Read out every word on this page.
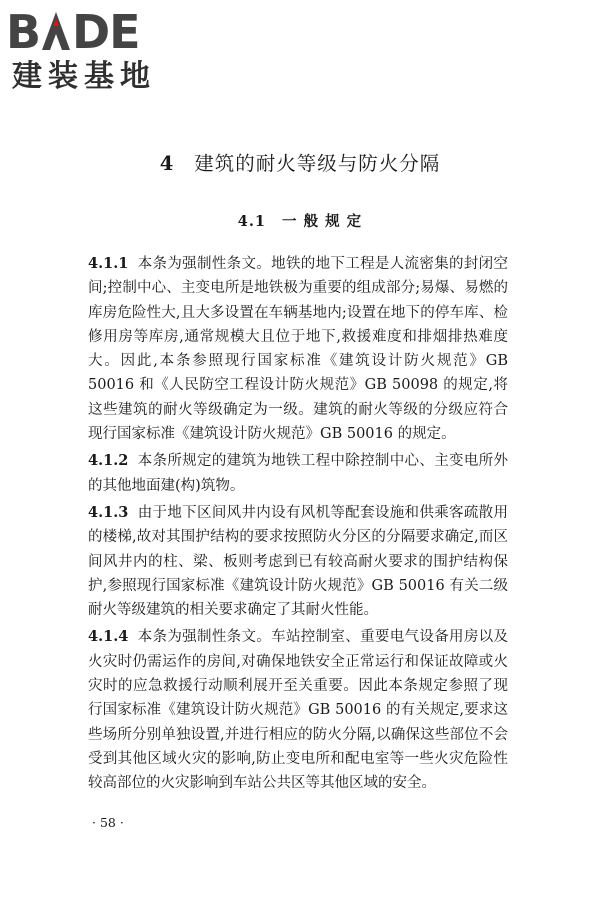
B DE
建装基地
4 建筑的耐火等级与防火分隔
4.1 一 般 规 定

4.1.1 本条为强制性条文。地铁的地下工程是人流密集的封闭空间;控制中心、主变电所是地铁极为重要的组成部分;易爆、易燃的库房危险性大,且大多设置在车辆基地内;设置在地下的停车库、检修用房等库房,通常规模大且位于地下,救援难度和排烟排热难度大。因此,本条参照现行国家标准《建筑设计防火规范》GB 50016 和《人民防空工程设计防火规范》GB 50098 的规定,将这些建筑的耐火等级确定为一级。建筑的耐火等级的分级应符合现行国家标准《建筑设计防火规范》GB 50016 的规定。

4.1.2 本条所规定的建筑为地铁工程中除控制中心、主变电所外的其他地面建(构)筑物。

4.1.3 由于地下区间风井内设有风机等配套设施和供乘客疏散用的楼梯,故对其围护结构的要求按照防火分区的分隔要求确定,而区间风井内的柱、梁、板则考虑到已有较高耐火要求的围护结构保护,参照现行国家标准《建筑设计防火规范》GB 50016 有关二级耐火等级建筑的相关要求确定了其耐火性能。

4.1.4 本条为强制性条文。车站控制室、重要电气设备用房以及火灾时仍需运作的房间,对确保地铁安全正常运行和保证故障或火灾时的应急救援行动顺利展开至关重要。因此本条规定参照了现行国家标准《建筑设计防火规范》GB 50016 的有关规定,要求这些场所分别单独设置,并进行相应的防火分隔,以确保这些部位不会受到其他区域火灾的影响,防止变电所和配电室等一些火灾危险性较高部位的火灾影响到车站公共区等其他区域的安全。

· 58 ·
